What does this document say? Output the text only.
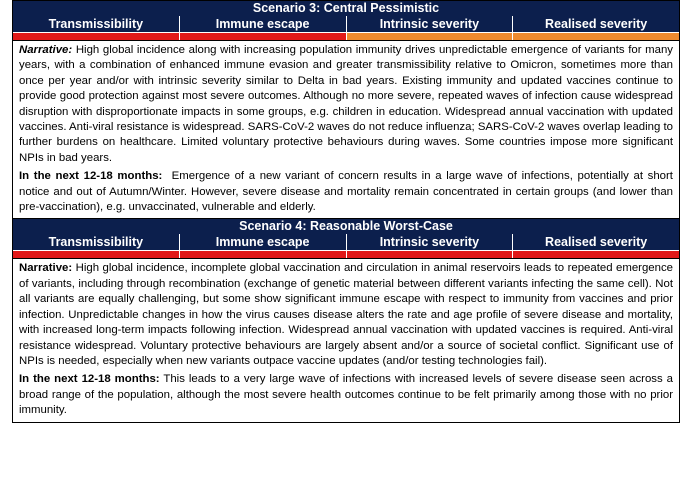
Scenario 3: Central Pessimistic
Transmissibility	Immune escape	Intrinsic severity	Realised severity

Narrative: High global incidence along with increasing population immunity drives unpredictable emergence of variants for many years, with a combination of enhanced immune evasion and greater transmissibility relative to Omicron, sometimes more than once per year and/or with intrinsic severity similar to Delta in bad years. Existing immunity and updated vaccines continue to provide good protection against most severe outcomes. Although no more severe, repeated waves of infection cause widespread disruption with disproportionate impacts in some groups, e.g. children in education. Widespread annual vaccination with updated vaccines. Anti-viral resistance is widespread. SARS-CoV-2 waves do not reduce influenza; SARS-CoV-2 waves overlap leading to further burdens on healthcare. Limited voluntary protective behaviours during waves. Some countries impose more significant NPIs in bad years.

In the next 12-18 months: Emergence of a new variant of concern results in a large wave of infections, potentially at short notice and out of Autumn/Winter. However, severe disease and mortality remain concentrated in certain groups (and lower than pre-vaccination), e.g. unvaccinated, vulnerable and elderly.

Scenario 4: Reasonable Worst-Case
Transmissibility	Immune escape	Intrinsic severity	Realised severity

Narrative: High global incidence, incomplete global vaccination and circulation in animal reservoirs leads to repeated emergence of variants, including through recombination (exchange of genetic material between different variants infecting the same cell). Not all variants are equally challenging, but some show significant immune escape with respect to immunity from vaccines and prior infection. Unpredictable changes in how the virus causes disease alters the rate and age profile of severe disease and mortality, with increased long-term impacts following infection. Widespread annual vaccination with updated vaccines is required. Anti-viral resistance widespread. Voluntary protective behaviours are largely absent and/or a source of societal conflict. Significant use of NPIs is needed, especially when new variants outpace vaccine updates (and/or testing technologies fail).

In the next 12-18 months: This leads to a very large wave of infections with increased levels of severe disease seen across a broad range of the population, although the most severe health outcomes continue to be felt primarily among those with no prior immunity.
